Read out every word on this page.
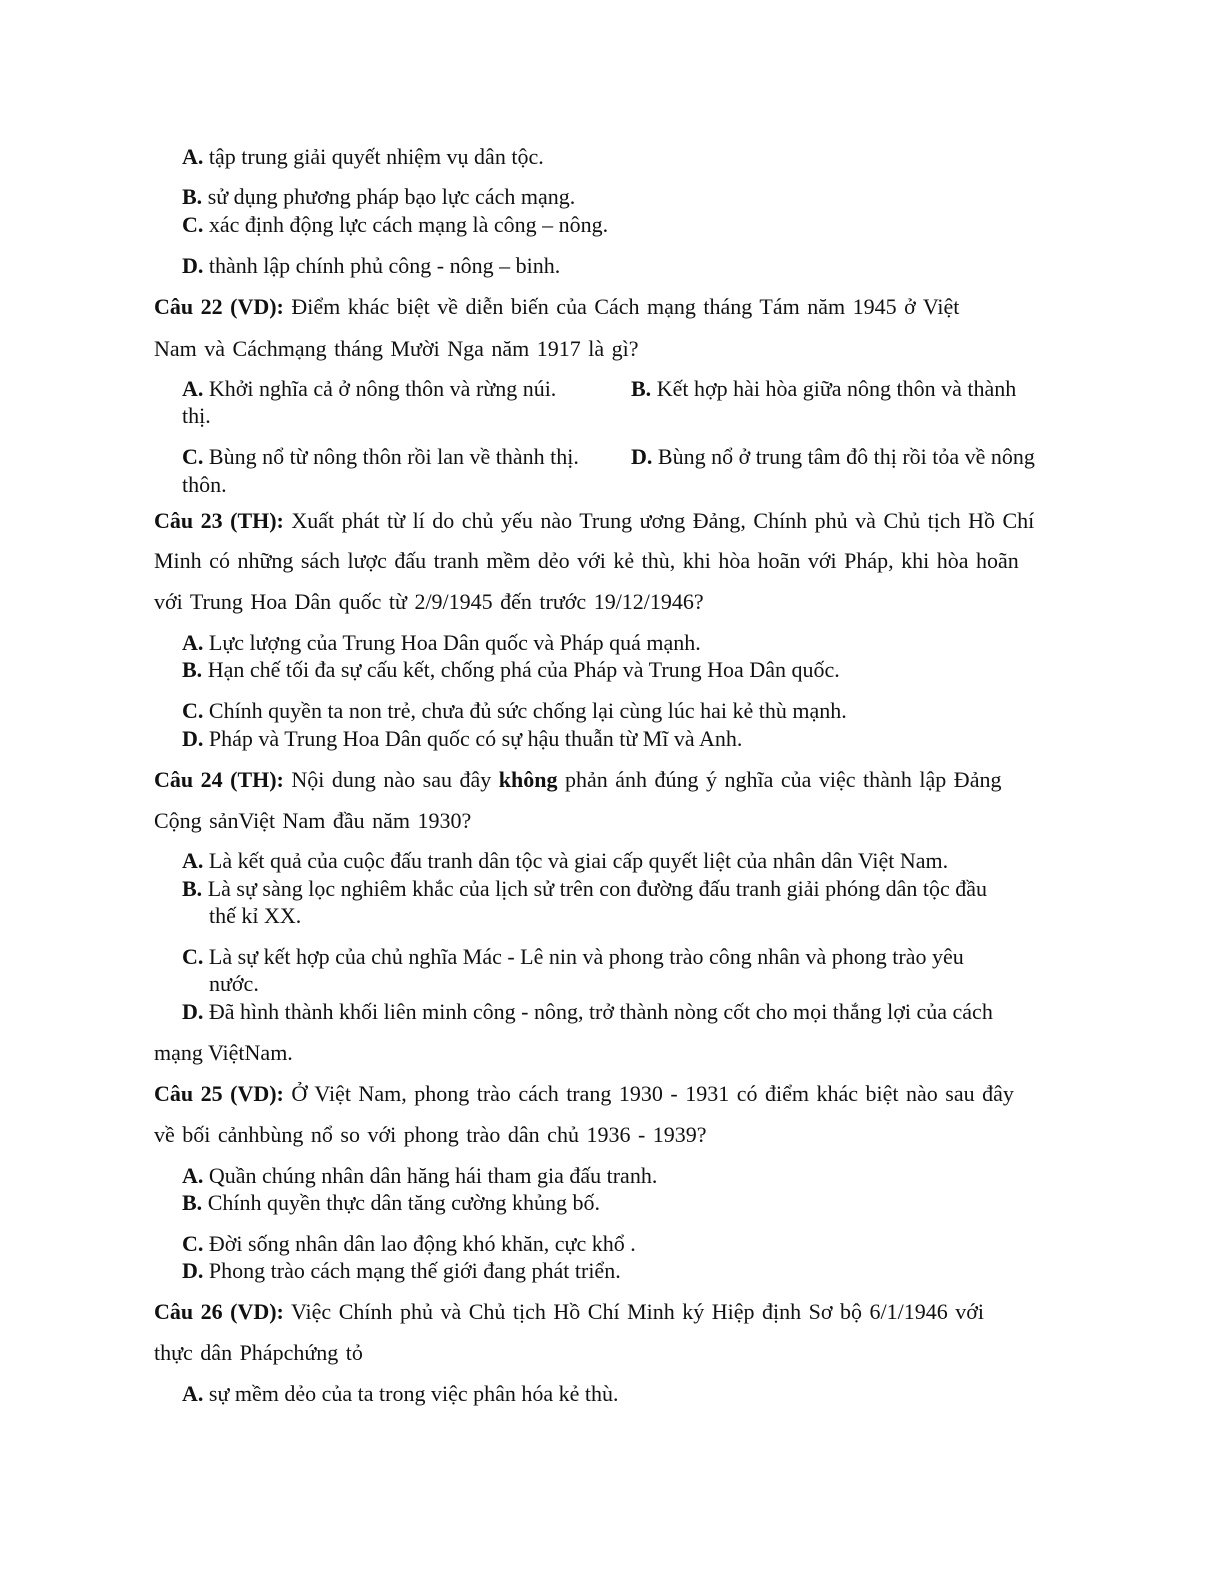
A. tập trung giải quyết nhiệm vụ dân tộc.
B. sử dụng phương pháp bạo lực cách mạng.
C. xác định động lực cách mạng là công – nông.
D. thành lập chính phủ công - nông – binh.
Câu 22 (VD): Điểm khác biệt về diễn biến của Cách mạng tháng Tám năm 1945 ở Việt
Nam và Cáchmạng tháng Mười Nga năm 1917 là gì?
A. Khởi nghĩa cả ở nông thôn và rừng núi.	B. Kết hợp hài hòa giữa nông thôn và thành
thị.
C. Bùng nổ từ nông thôn rồi lan về thành thị. D. Bùng nổ ở trung tâm đô thị rồi tỏa về nông
thôn.
Câu 23 (TH): Xuất phát từ lí do chủ yếu nào Trung ương Đảng, Chính phủ và Chủ tịch Hồ Chí
Minh có những sách lược đấu tranh mềm dẻo với kẻ thù, khi hòa hoãn với Pháp, khi hòa hoãn
với Trung Hoa Dân quốc từ 2/9/1945 đến trước 19/12/1946?
A. Lực lượng của Trung Hoa Dân quốc và Pháp quá mạnh.
B. Hạn chế tối đa sự cấu kết, chống phá của Pháp và Trung Hoa Dân quốc.
C. Chính quyền ta non trẻ, chưa đủ sức chống lại cùng lúc hai kẻ thù mạnh.
D. Pháp và Trung Hoa Dân quốc có sự hậu thuẫn từ Mĩ và Anh.
Câu 24 (TH): Nội dung nào sau đây không phản ánh đúng ý nghĩa của việc thành lập Đảng
Cộng sảnViệt Nam đầu năm 1930?
A. Là kết quả của cuộc đấu tranh dân tộc và giai cấp quyết liệt của nhân dân Việt Nam.
B. Là sự sàng lọc nghiêm khắc của lịch sử trên con đường đấu tranh giải phóng dân tộc đầu
thế kỉ XX.
C. Là sự kết hợp của chủ nghĩa Mác - Lê nin và phong trào công nhân và phong trào yêu
nước.
D. Đã hình thành khối liên minh công - nông, trở thành nòng cốt cho mọi thắng lợi của cách
mạng ViệtNam.
Câu 25 (VD): Ở Việt Nam, phong trào cách trang 1930 - 1931 có điểm khác biệt nào sau đây
về bối cảnhbùng nổ so với phong trào dân chủ 1936 - 1939?
A. Quần chúng nhân dân hăng hái tham gia đấu tranh.
B. Chính quyền thực dân tăng cường khủng bố.
C. Đời sống nhân dân lao động khó khăn, cực khổ .
D. Phong trào cách mạng thế giới đang phát triển.
Câu 26 (VD): Việc Chính phủ và Chủ tịch Hồ Chí Minh ký Hiệp định Sơ bộ 6/1/1946 với
thực dân Phápchứng tỏ
A. sự mềm dẻo của ta trong việc phân hóa kẻ thù.
